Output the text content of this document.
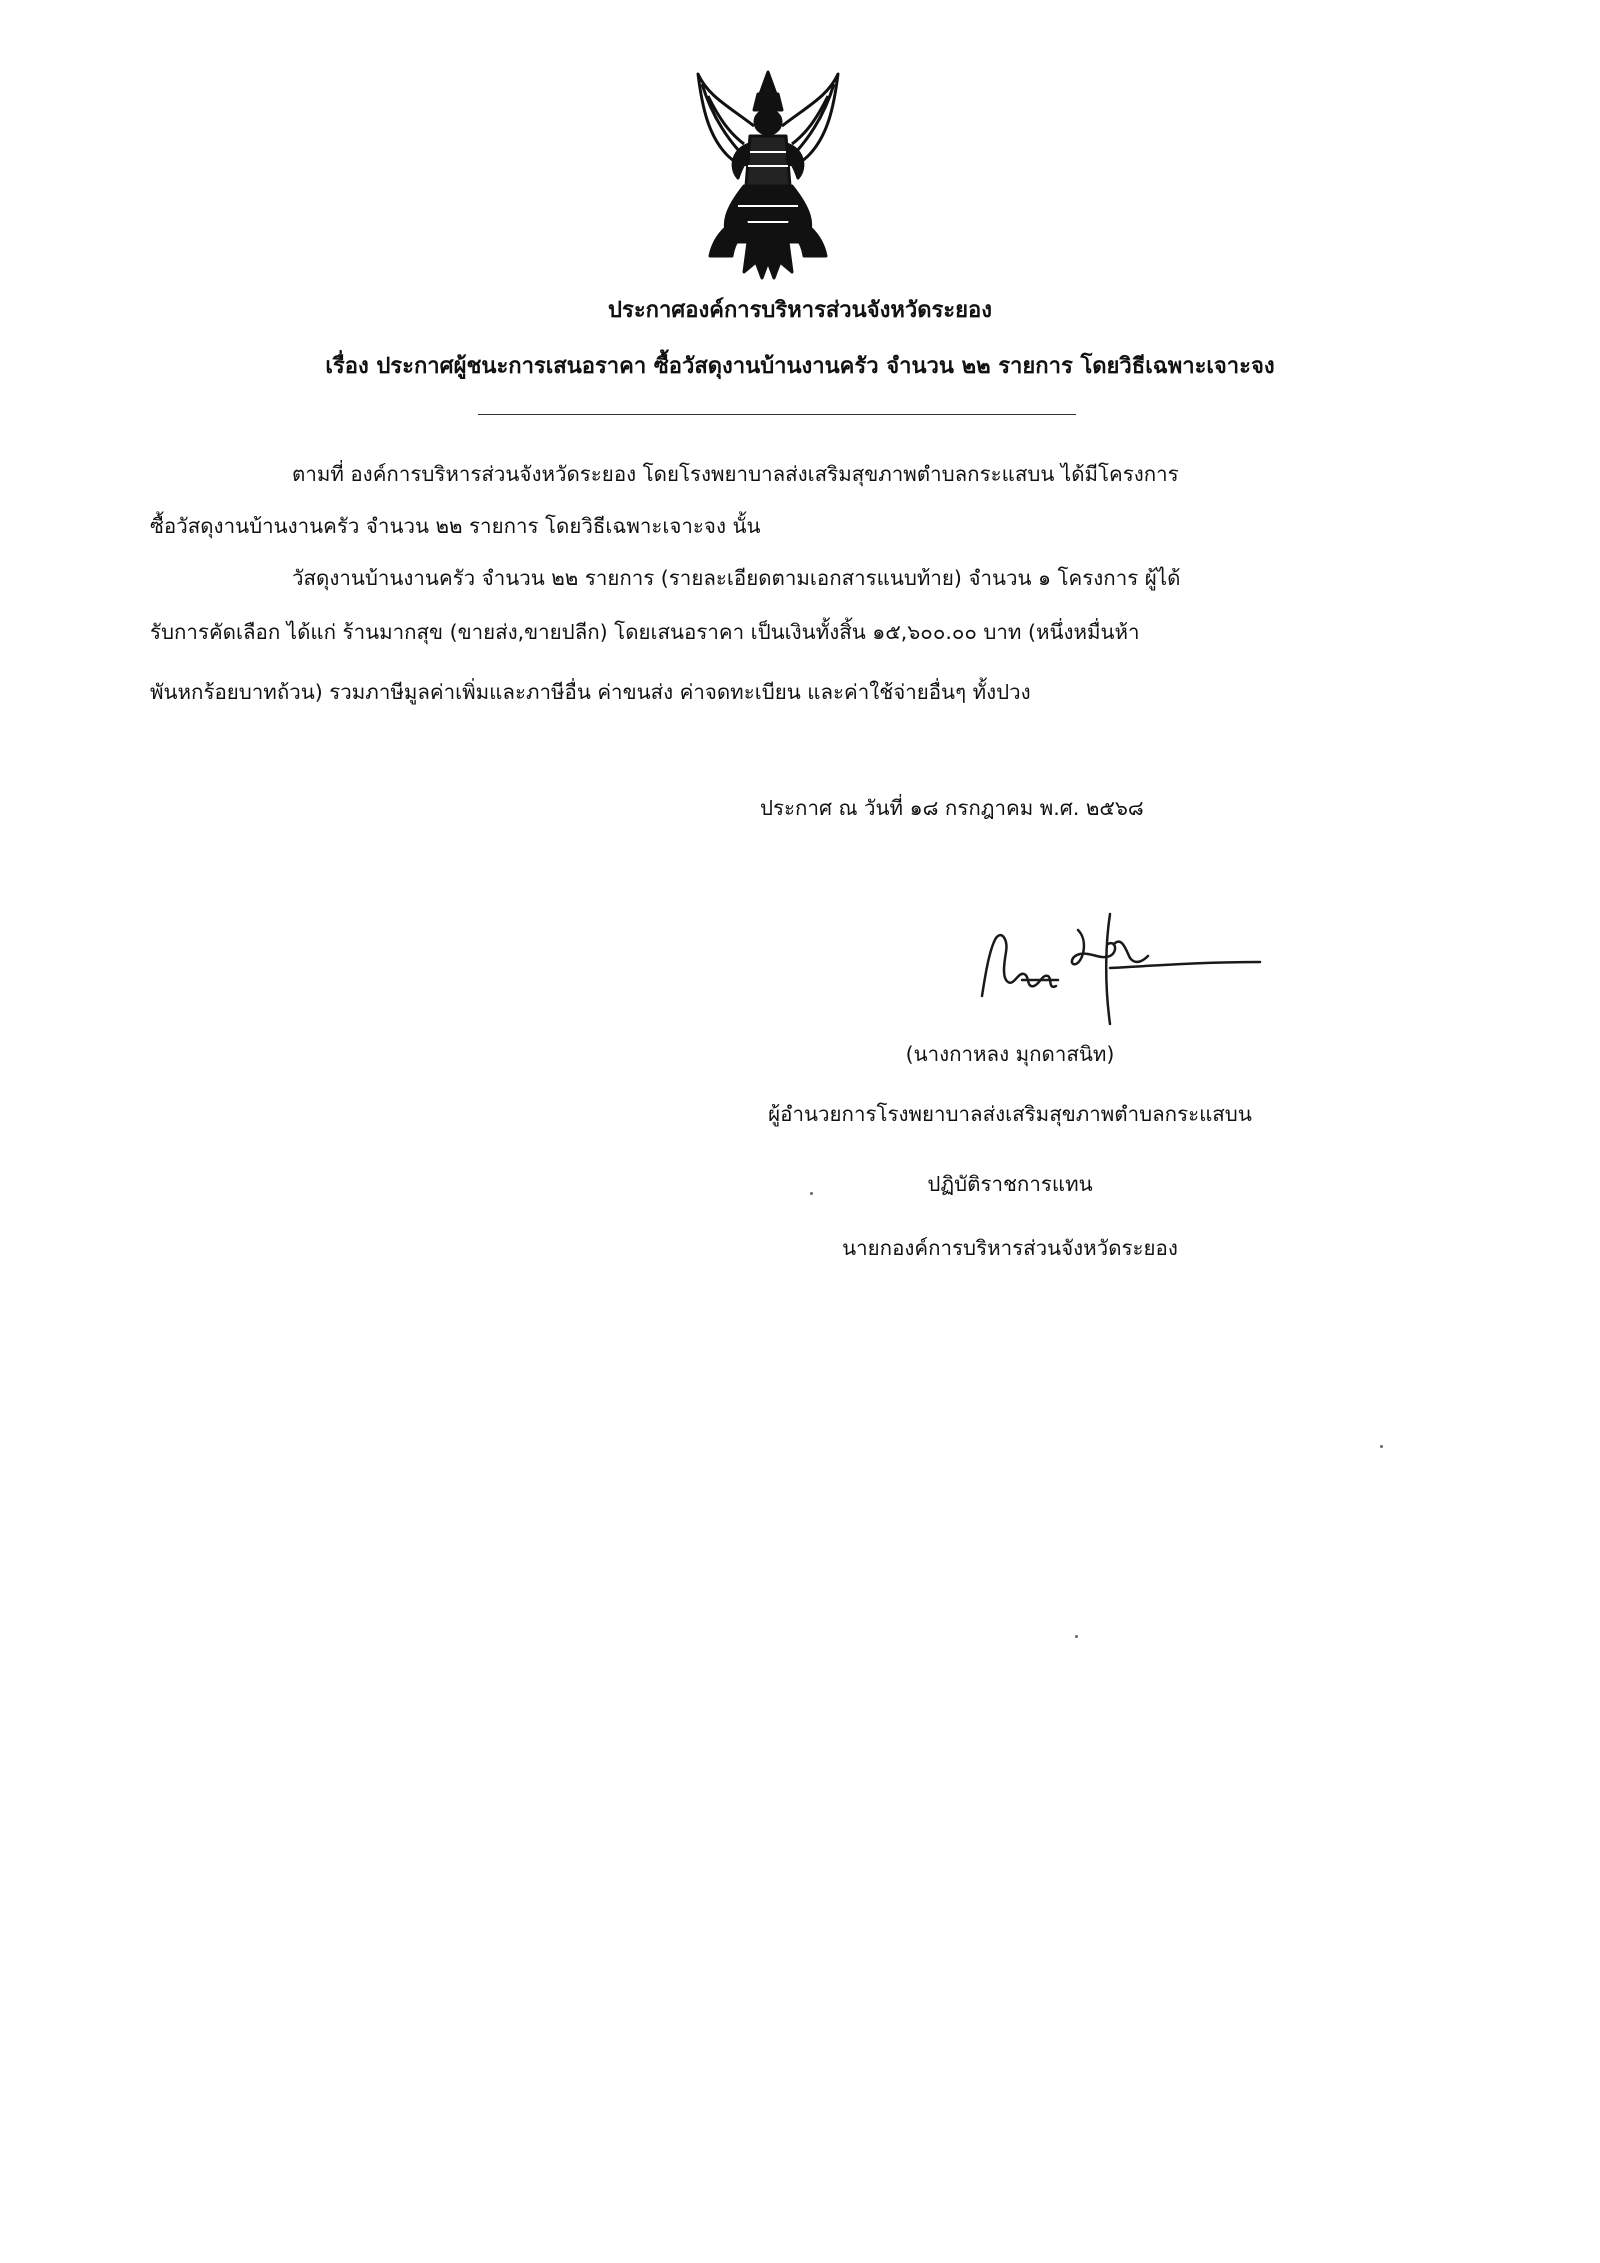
ประกาศองค์การบริหารส่วนจังหวัดระยอง
เรื่อง ประกาศผู้ชนะการเสนอราคา ซื้อวัสดุงานบ้านงานครัว จำนวน ๒๒ รายการ โดยวิธีเฉพาะเจาะจง
ตามที่ องค์การบริหารส่วนจังหวัดระยอง โดยโรงพยาบาลส่งเสริมสุขภาพตำบลกระแสบน ได้มีโครงการ
ซื้อวัสดุงานบ้านงานครัว จำนวน ๒๒ รายการ โดยวิธีเฉพาะเจาะจง นั้น
วัสดุงานบ้านงานครัว จำนวน ๒๒ รายการ (รายละเอียดตามเอกสารแนบท้าย) จำนวน ๑ โครงการ ผู้ได้
รับการคัดเลือก ได้แก่ ร้านมากสุข (ขายส่ง,ขายปลีก) โดยเสนอราคา เป็นเงินทั้งสิ้น ๑๕,๖๐๐.๐๐ บาท (หนึ่งหมื่นห้า
พันหกร้อยบาทถ้วน) รวมภาษีมูลค่าเพิ่มและภาษีอื่น ค่าขนส่ง ค่าจดทะเบียน และค่าใช้จ่ายอื่นๆ ทั้งปวง
ประกาศ ณ วันที่ ๑๘ กรกฎาคม พ.ศ. ๒๕๖๘
(นางกาหลง มุกดาสนิท)
ผู้อำนวยการโรงพยาบาลส่งเสริมสุขภาพตำบลกระแสบน
ปฏิบัติราชการแทน
นายกองค์การบริหารส่วนจังหวัดระยอง
